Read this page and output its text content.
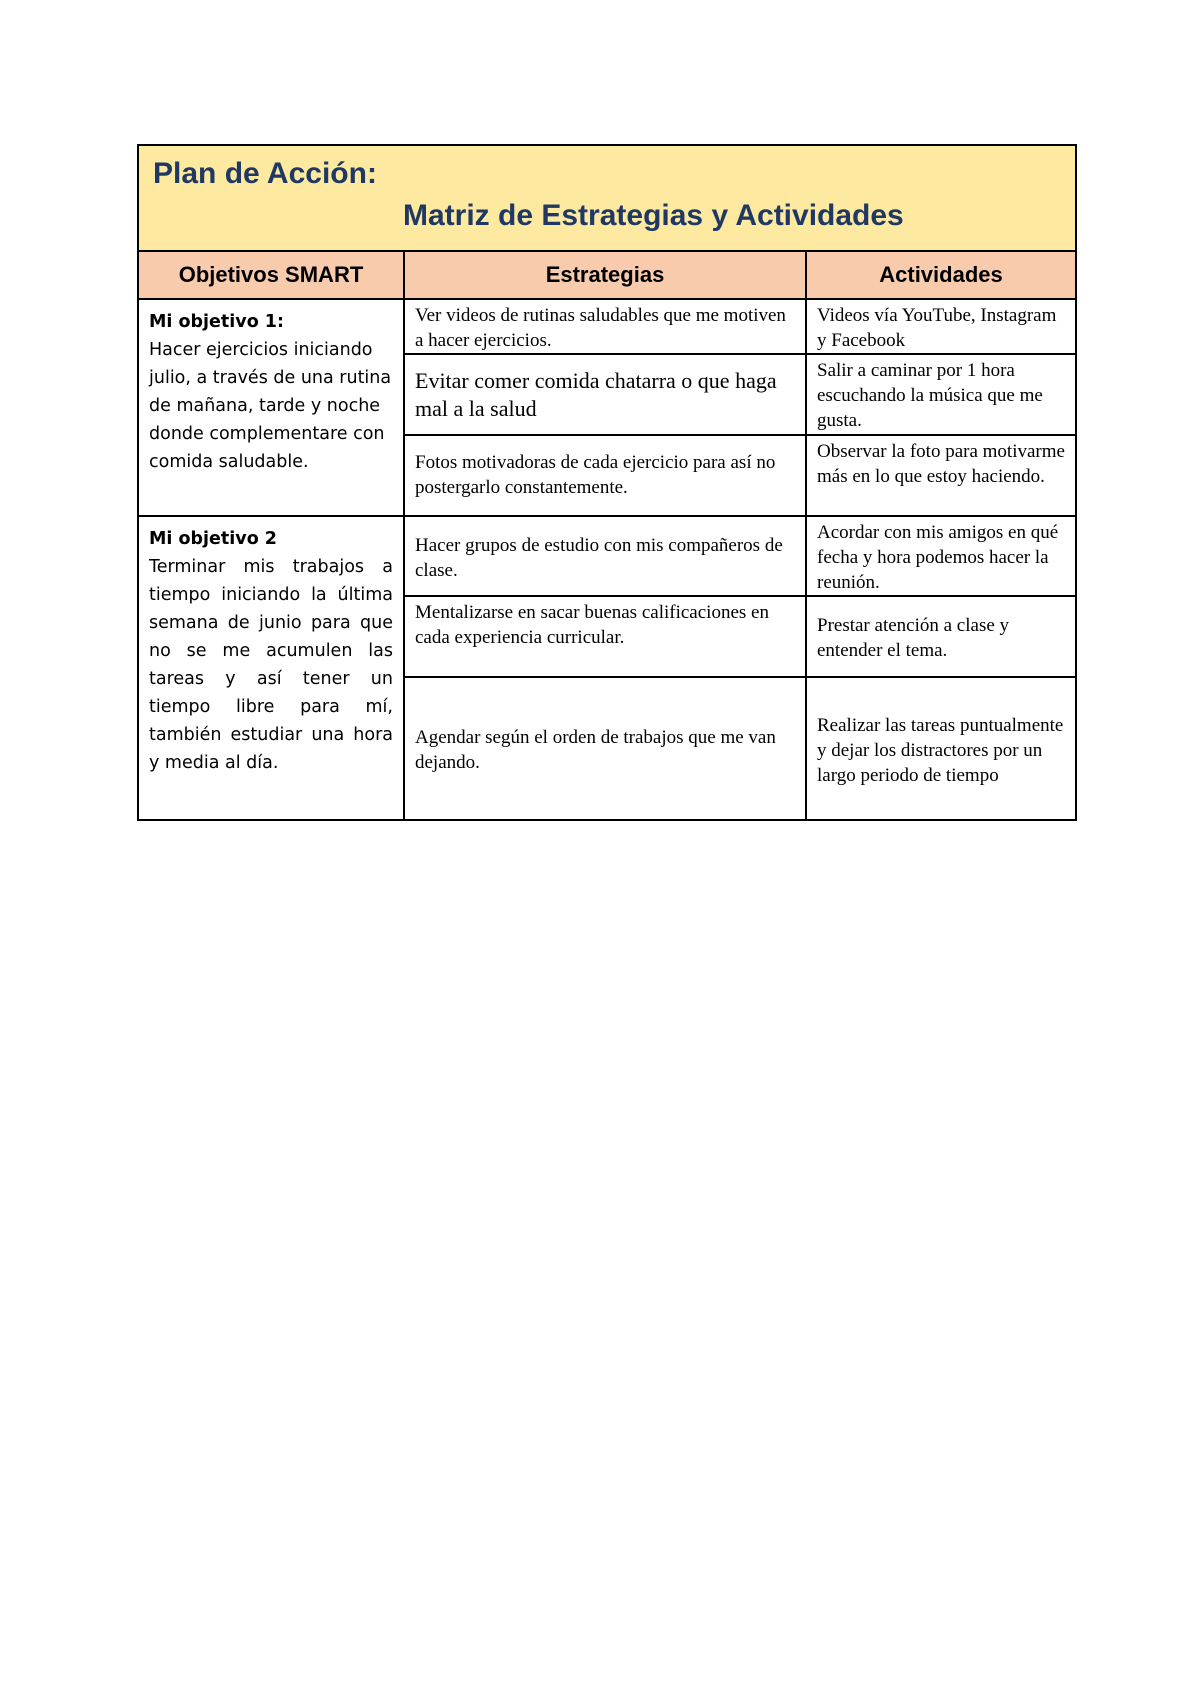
Plan de Acción:
Matriz de Estrategias y Actividades		

Objetivos SMART	Estrategias	Actividades

Mi objetivo 1:
Hacer ejercicios iniciando julio, a través de una rutina de mañana, tarde y noche donde complementare con comida saludable.	Ver videos de rutinas saludables que me motiven a hacer ejercicios.	Videos vía YouTube, Instagram y Facebook
	Evitar comer comida chatarra o que haga mal a la salud	Salir a caminar por 1 hora escuchando la música que me gusta.
	Fotos motivadoras de cada ejercicio para así no postergarlo constantemente.	Observar la foto para motivarme más en lo que estoy haciendo.

Mi objetivo 2
Terminar mis trabajos a tiempo iniciando la última semana de junio para que no se me acumulen las tareas y así tener un tiempo libre para mí, también estudiar una hora y media al día.	Hacer grupos de estudio con mis compañeros de clase.	Acordar con mis amigos en qué fecha y hora podemos hacer la reunión.
	Mentalizarse en sacar buenas calificaciones en cada experiencia curricular.	Prestar atención a clase y entender el tema.
	Agendar según el orden de trabajos que me van dejando.	Realizar las tareas puntualmente y dejar los distractores por un largo periodo de tiempo
